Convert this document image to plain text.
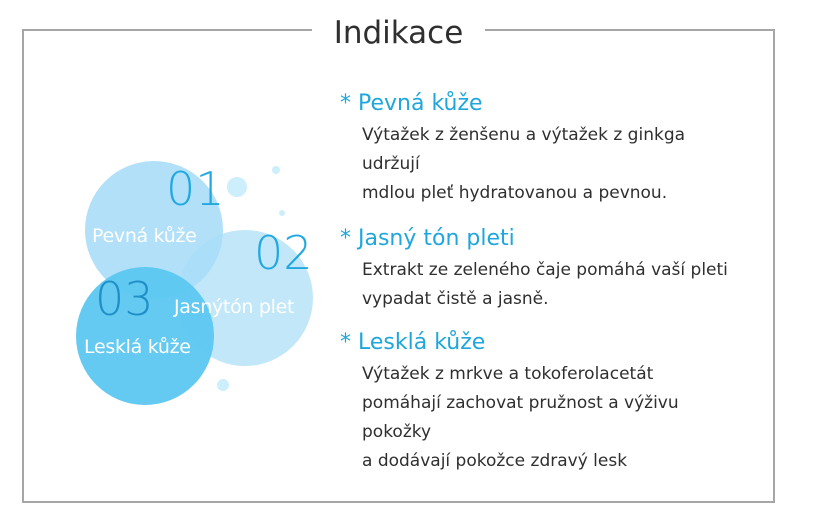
Indikace
01
Pevná kůže 02
Jasnýtón plet
03
Lesklá kůže
* Pevná kůže
Výtažek z ženšenu a výtažek z ginkga
udržují
mdlou pleť hydratovanou a pevnou.
* Jasný tón pleti
Extrakt ze zeleného čaje pomáhá vaší pleti
vypadat čistě a jasně.
* Lesklá kůže
Výtažek z mrkve a tokoferolacetát
pomáhají zachovat pružnost a výživu
pokožky
a dodávají pokožce zdravý lesk
